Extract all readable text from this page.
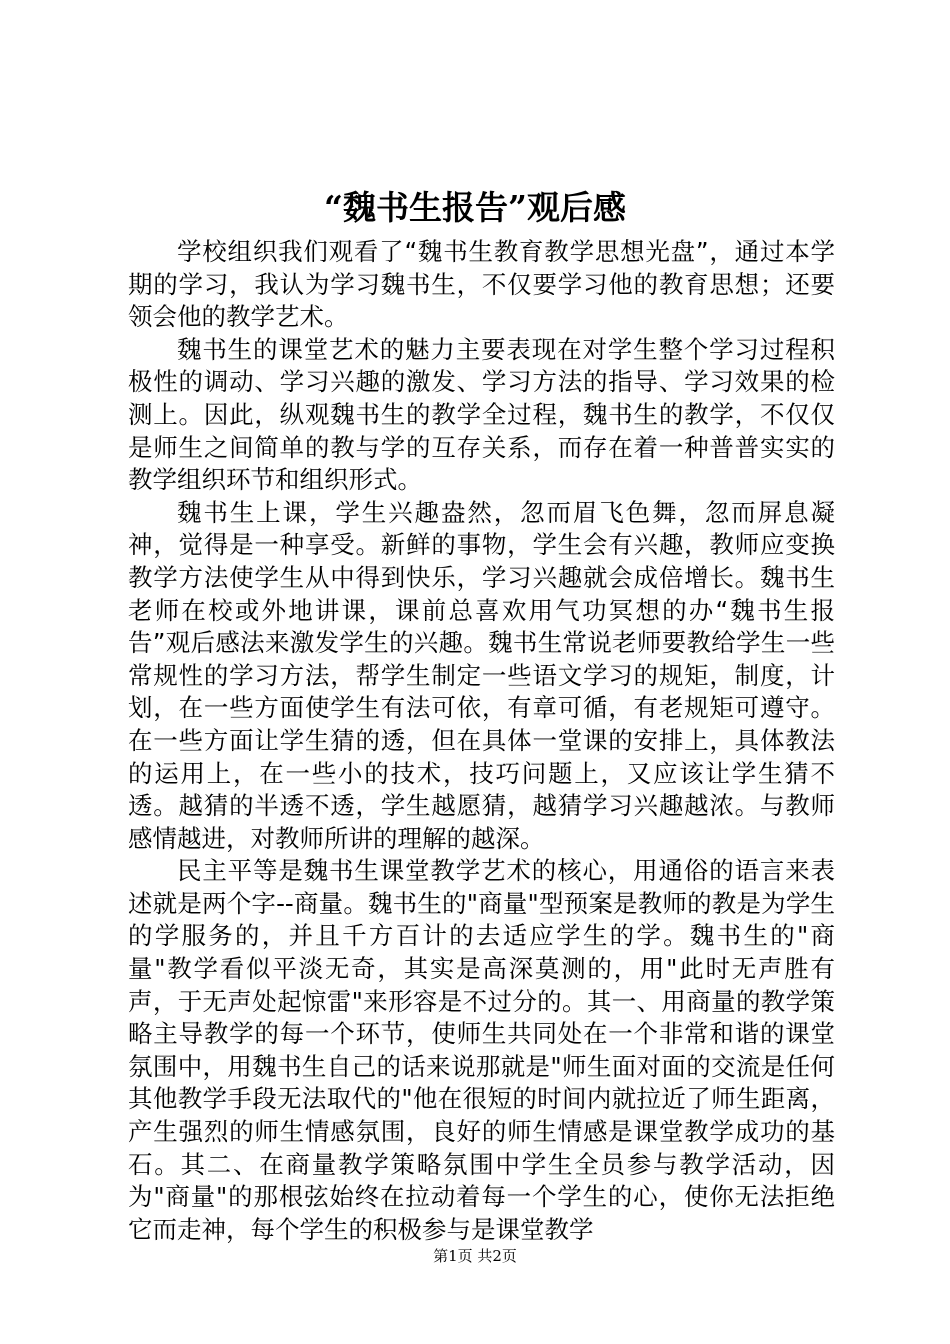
“魏书生报告”观后感

学校组织我们观看了“魏书生教育教学思想光盘”，通过本学期的学习，我认为学习魏书生，不仅要学习他的教育思想；还要领会他的教学艺术。

魏书生的课堂艺术的魅力主要表现在对学生整个学习过程积极性的调动、学习兴趣的激发、学习方法的指导、学习效果的检测上。因此，纵观魏书生的教学全过程，魏书生的教学，不仅仅是师生之间简单的教与学的互存关系，而存在着一种普普实实的教学组织环节和组织形式。

魏书生上课，学生兴趣盎然，忽而眉飞色舞，忽而屏息凝神，觉得是一种享受。新鲜的事物，学生会有兴趣，教师应变换教学方法使学生从中得到快乐，学习兴趣就会成倍增长。魏书生老师在校或外地讲课，课前总喜欢用气功冥想的办“魏书生报告”观后感法来激发学生的兴趣。魏书生常说老师要教给学生一些常规性的学习方法，帮学生制定一些语文学习的规矩，制度，计划，在一些方面使学生有法可依，有章可循，有老规矩可遵守。在一些方面让学生猜的透，但在具体一堂课的安排上，具体教法的运用上，在一些小的技术，技巧问题上，又应该让学生猜不透。越猜的半透不透，学生越愿猜，越猜学习兴趣越浓。与教师感情越进，对教师所讲的理解的越深。

民主平等是魏书生课堂教学艺术的核心，用通俗的语言来表述就是两个字--商量。魏书生的"商量"型预案是教师的教是为学生的学服务的，并且千方百计的去适应学生的学。魏书生的"商量"教学看似平淡无奇，其实是高深莫测的，用"此时无声胜有声，于无声处起惊雷"来形容是不过分的。其一、用商量的教学策略主导教学的每一个环节，使师生共同处在一个非常和谐的课堂氛围中，用魏书生自己的话来说那就是"师生面对面的交流是任何其他教学手段无法取代的"他在很短的时间内就拉近了师生距离，产生强烈的师生情感氛围，良好的师生情感是课堂教学成功的基石。其二、在商量教学策略氛围中学生全员参与教学活动，因为"商量"的那根弦始终在拉动着每一个学生的心，使你无法拒绝它而走神，每个学生的积极参与是课堂教学

第1页 共2页
